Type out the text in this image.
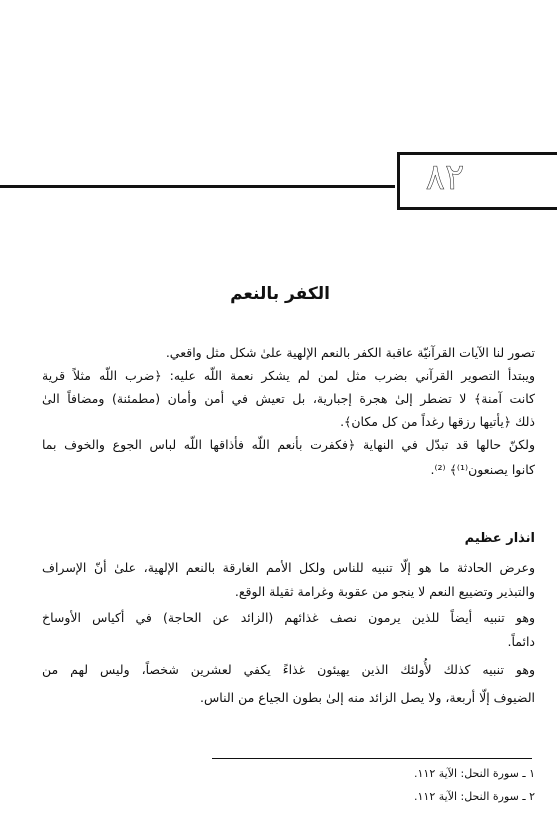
٨٢
الكفر بالنعم
تصور لنا الآيات القرآنيّة عاقبة الكفر بالنعم الإلهية علىٰ شكل مثل واقعي.
ويبتدأ التصوير القرآني بضرب مثل لمن لم يشكر نعمة اللّه عليه: ﴿ضرب اللّه مثلاً قرية
كانت آمنة﴾ لا تضطر إلىٰ هجرة إجبارية، بل تعيش في أمن وأمان (مطمئنة) ومضافاً الىٰ
ذلك ﴿يأتيها رزقها رغداً من كل مكان﴾.
ولكنّ حالها قد تبدّل في النهاية ﴿فكفرت بأنعم اللّه فأذاقها اللّه لباس الجوع والخوف بما
كانوا يصنعون⁽¹⁾﴾ ⁽²⁾.
انذار عظيم
وعرض الحادثة ما هو إلّا تنبيه للناس ولكل الأمم الغارقة بالنعم الإلهية، علىٰ أنّ الإسراف
والتبذير وتضييع النعم لا ينجو من عقوبة وغرامة ثقيلة الوقع.
وهو تنبيه أيضاً للذين يرمون نصف غذائهم (الزائد عن الحاجة) في أكياس الأوساخ
دائماً.
وهو تنبيه كذلك لأُولئك الذين يهيئون غذاءً يكفي لعشرين شخصاً، وليس لهم من
الضيوف إلّا أربعة، ولا يصل الزائد منه إلىٰ بطون الجياع من الناس.
١ ـ سورة النحل: الآية ١١٢.
٢ ـ سورة النحل: الآية ١١٢.
